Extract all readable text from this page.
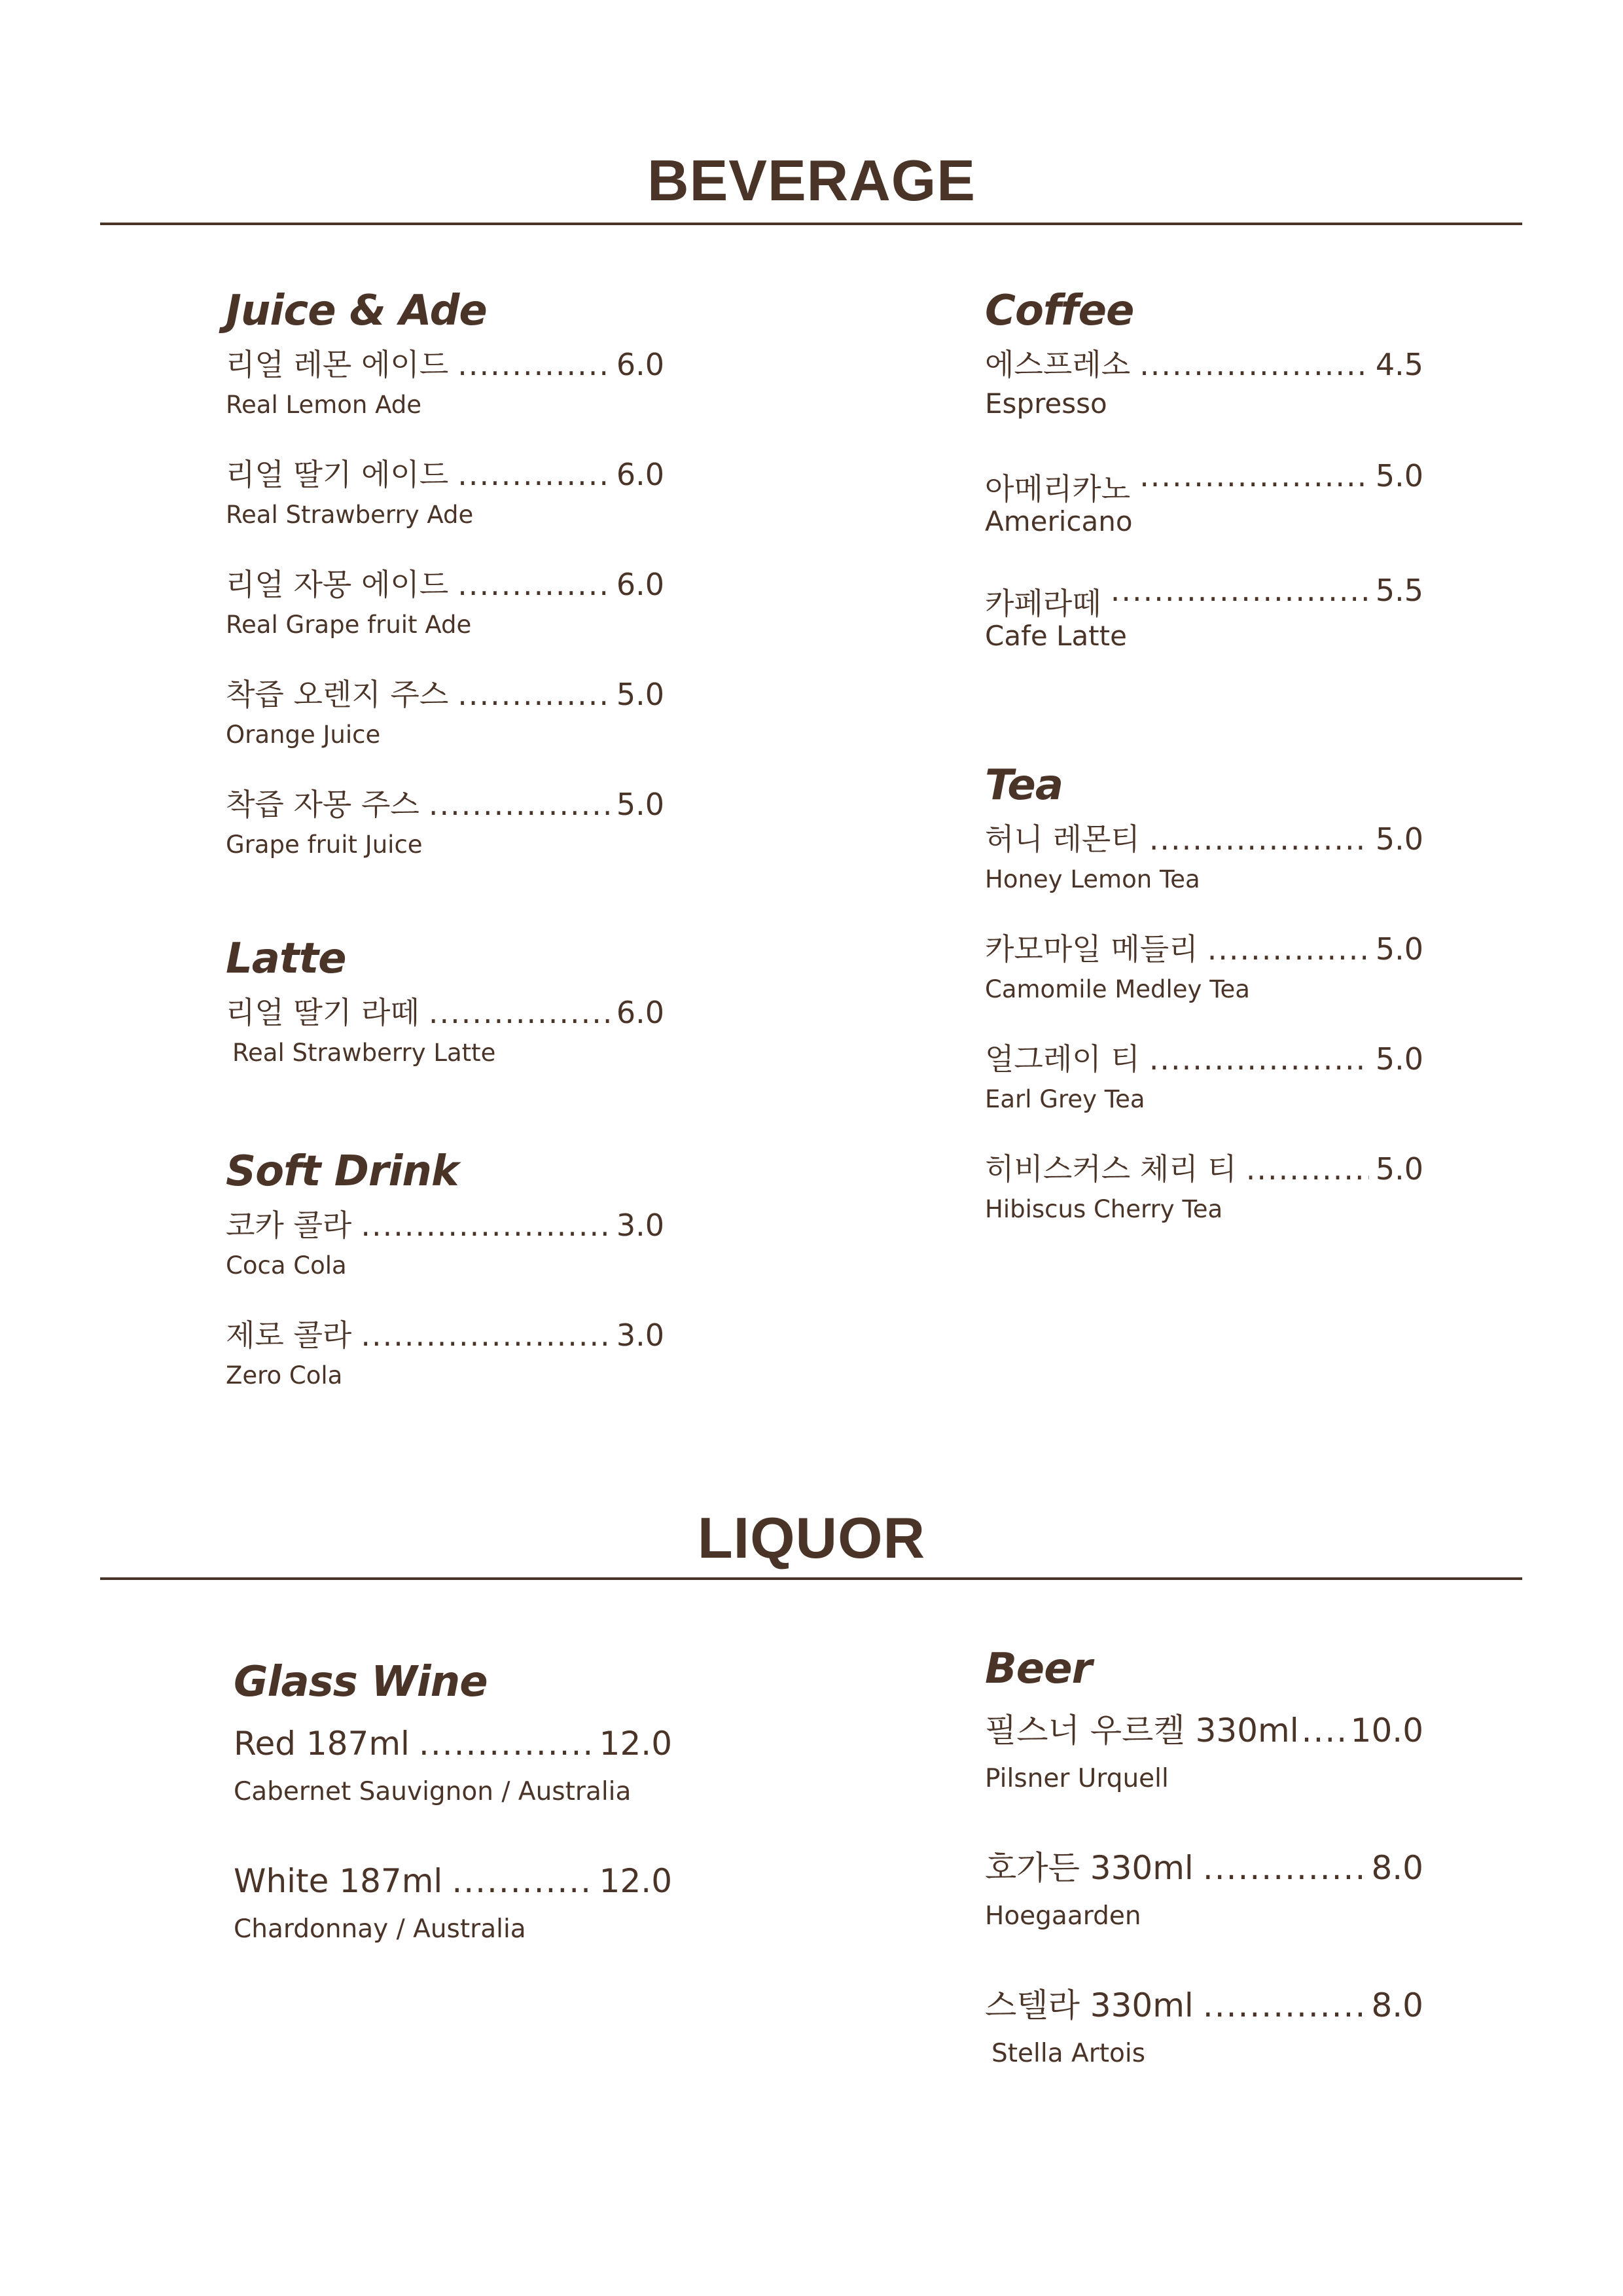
BEVERAGE
Juice & Ade
리얼 레몬 에이드 .....	6.0
Real Lemon Ade
리얼 딸기 에이드 .....	6.0
Real Strawberry Ade
리얼 자몽 에이드 .....	6.0
Real Grape fruit Ade
착즙 오렌지 주스 .....	5.0
Orange Juice
착즙 자몽 주스 .....	5.0
Grape fruit Juice
Latte
리얼 딸기 라떼 .....	6.0
Real Strawberry Latte
Soft Drink
코카 콜라 .....	3.0
Coca Cola
제로 콜라 .....	3.0
Zero Cola
Coffee
에스프레소 .....	4.5
Espresso
아메리카노 .....	5.0
Americano
카페라떼 .....	5.5
Cafe Latte
Tea
허니 레몬티 .....	5.0
Honey Lemon Tea
카모마일 메들리 .....	5.0
Camomile Medley Tea
얼그레이 티 .....	5.0
Earl Grey Tea
히비스커스 체리 티 .....	5.0
Hibiscus Cherry Tea
LIQUOR
Glass Wine
Red 187ml .....	12.0
Cabernet Sauvignon / Australia
White 187ml .....	12.0
Chardonnay / Australia
Beer
필스너 우르켈 330ml ..... 10.0
Pilsner Urquell
호가든 330ml .....	8.0
Hoegaarden
스텔라 330ml .....	8.0
Stella Artois
